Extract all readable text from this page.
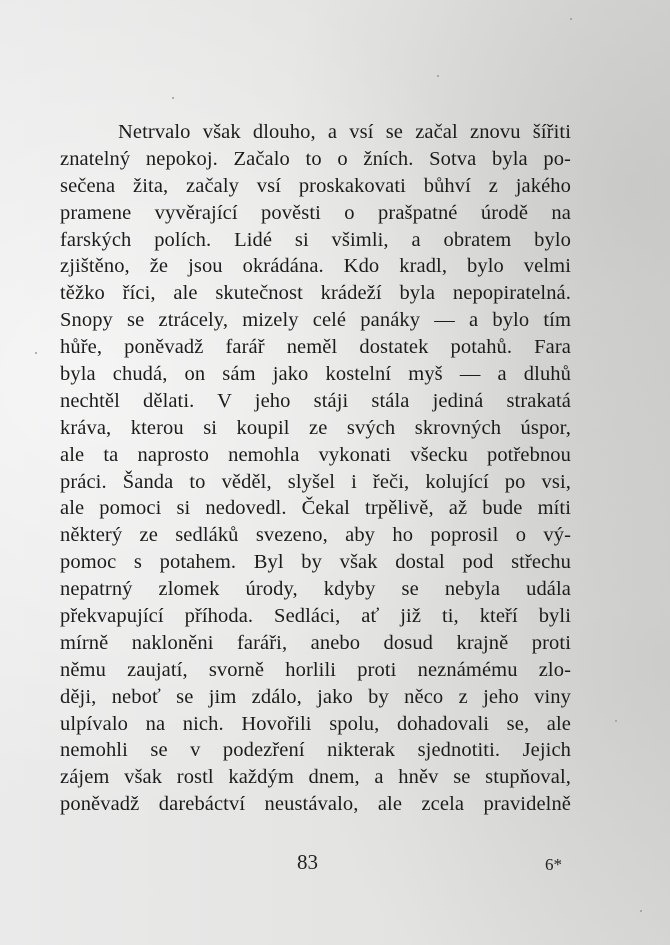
Netrvalo však dlouho, a vsí se začal znovu šířiti
znatelný nepokoj. Začalo to o žních. Sotva byla po-
sečena žita, začaly vsí proskakovati bůhví z jakého
pramene vyvěrající pověsti o prašpatné úrodě na
farských polích. Lidé si všimli, a obratem bylo
zjištěno, že jsou okrádána. Kdo kradl, bylo velmi
těžko říci, ale skutečnost krádeží byla nepopiratelná.
Snopy se ztrácely, mizely celé panáky — a bylo tím
hůře, poněvadž farář neměl dostatek potahů. Fara
byla chudá, on sám jako kostelní myš — a dluhů
nechtěl dělati. V jeho stáji stála jediná strakatá
kráva, kterou si koupil ze svých skrovných úspor,
ale ta naprosto nemohla vykonati všecku potřebnou
práci. Šanda to věděl, slyšel i řeči, kolující po vsi,
ale pomoci si nedovedl. Čekal trpělivě, až bude míti
některý ze sedláků svezeno, aby ho poprosil o vý-
pomoc s potahem. Byl by však dostal pod střechu
nepatrný zlomek úrody, kdyby se nebyla udála
překvapující příhoda. Sedláci, ať již ti, kteří byli
mírně nakloněni faráři, anebo dosud krajně proti
němu zaujatí, svorně horlili proti neznámému zlo-
ději, neboť se jim zdálo, jako by něco z jeho viny
ulpívalo na nich. Hovořili spolu, dohadovali se, ale
nemohli se v podezření nikterak sjednotiti. Jejich
zájem však rostl každým dnem, a hněv se stupňoval,
poněvadž darebáctví neustávalo, ale zcela pravidelně
83	6*
